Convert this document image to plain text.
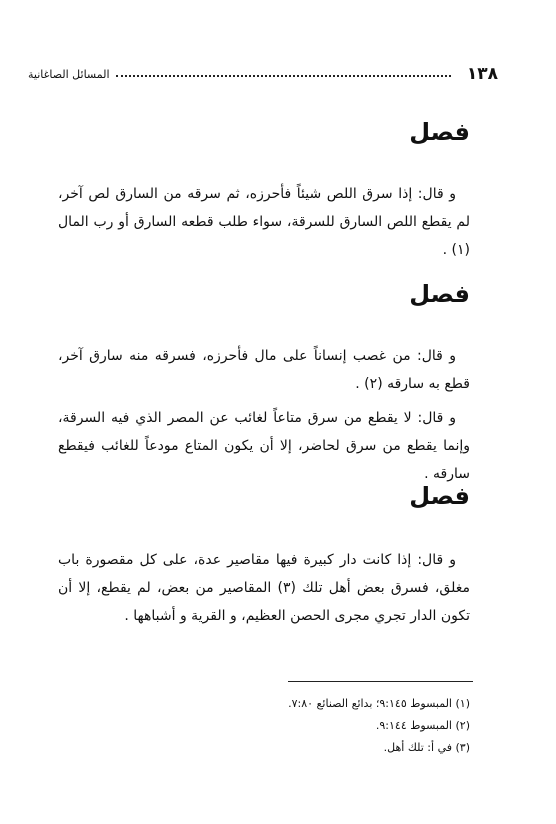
١٣٨
المسائل الصاغانية
فصل
و قال: إذا سرق اللص شيئاً فأحرزه، ثم سرقه من السارق لص آخر، لم يقطع اللص السارق للسرقة، سواء طلب قطعه السارق أو رب المال (١) .
فصل
و قال: من غصب إنساناً على مال فأحرزه، فسرقه منه سارق آخر، قطع به سارقه (٢) .
و قال: لا يقطع من سرق متاعاً لغائب عن المصر الذي فيه السرقة، وإنما يقطع من سرق لحاضر، إلا أن يكون المتاع مودعاً للغائب فيقطع سارقه .
فصل
و قال: إذا كانت دار كبيرة فيها مقاصير عدة، على كل مقصورة باب مغلق، فسرق بعض أهل تلك (٣) المقاصير من بعض، لم يقطع، إلا أن تكون الدار تجري مجرى الحصن العظيم، و القرية و أشباهها .
(١) المبسوط ٩:١٤٥؛ بدائع الصنائع ٧:٨٠.
(٢) المبسوط ٩:١٤٤.
(٣) في أ: تلك أهل.
